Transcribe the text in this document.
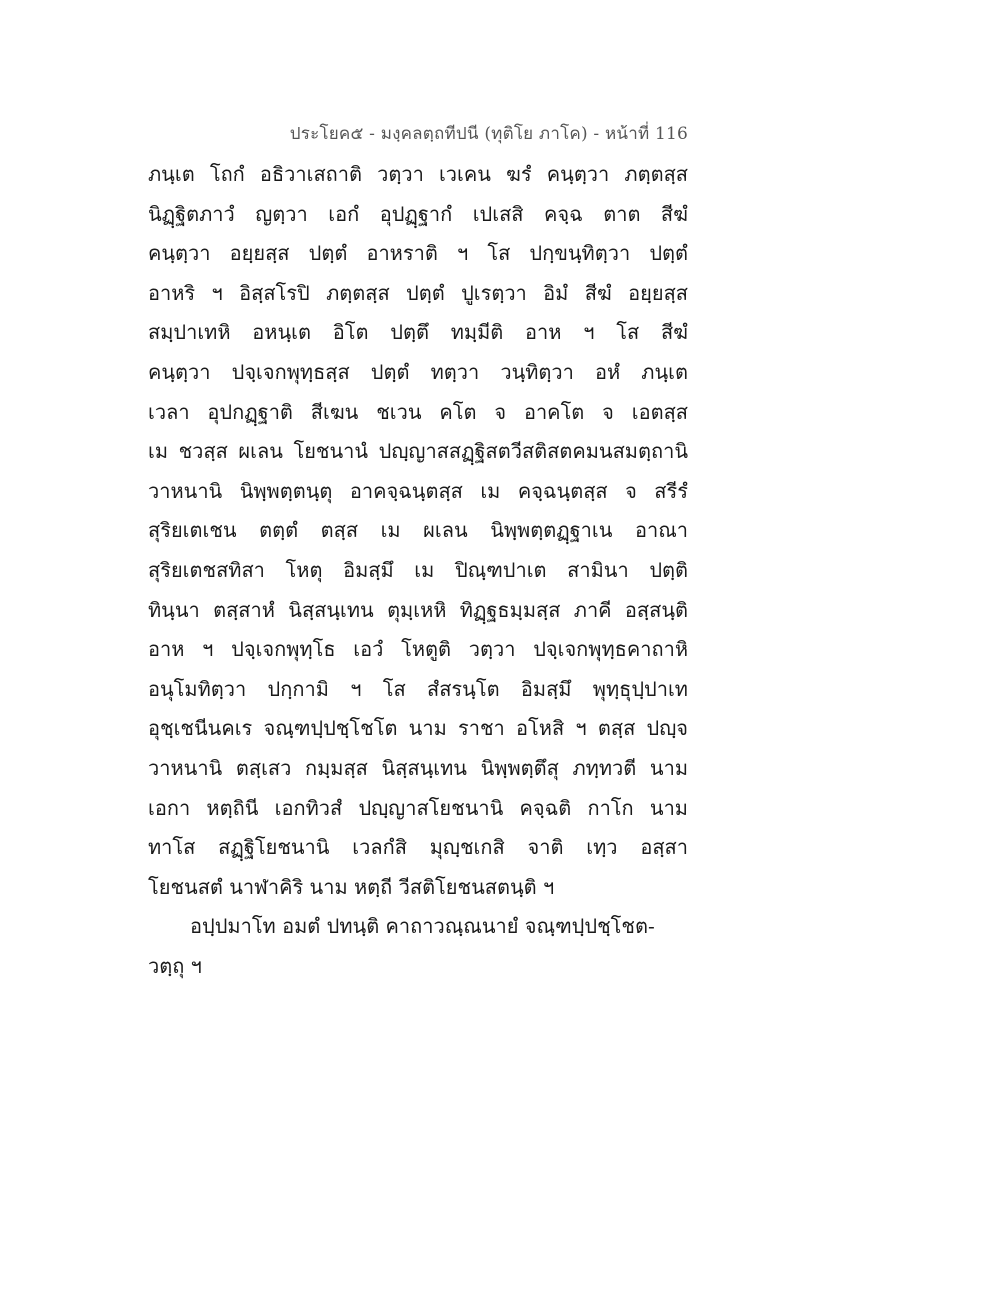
ประโยค๕ - มงฺคลตฺถทีปนี (ทุติโย ภาโค) - หน้าที่ 116
ภนฺเต โถกํ อธิวาเสถาติ วตฺวา เวเคน ฆรํ คนฺตฺวา ภตฺตสฺส
นิฏฺฐิตภาวํ ญตฺวา เอกํ อุปฏฺฐากํ เปเสสิ คจฺฉ ตาต สีฆํ
คนฺตฺวา อยฺยสฺส ปตฺตํ อาหราติ ฯ โส ปกฺขนฺทิตฺวา ปตฺตํ
อาหริ ฯ อิสฺสโรปิ ภตฺตสฺส ปตฺตํ ปูเรตฺวา อิมํ สีฆํ อยฺยสฺส
สมฺปาเทหิ อหนฺเต อิโต ปตฺตึ ทมฺมีติ อาห ฯ โส สีฆํ
คนฺตฺวา ปจฺเจกพุทฺธสฺส ปตฺตํ ทตฺวา วนฺทิตฺวา อหํ ภนฺเต
เวลา อุปกฏฺฐาติ สีเฆน ชเวน คโต จ อาคโต จ เอตสฺส
เม ชวสฺส ผเลน โยชนานํ ปญฺญาสสฏฺฐิสตวีสติสตคมนสมตฺถานิ
วาหนานิ นิพฺพตฺตนฺตุ อาคจฺฉนฺตสฺส เม คจฺฉนฺตสฺส จ สรีรํ
สุริยเตเชน ตตฺตํ ตสฺส เม ผเลน นิพฺพตฺตฏฺฐาเน อาณา
สุริยเตชสทิสา โหตุ อิมสฺมึ เม ปิณฺฑปาเต สามินา ปตฺติ
ทินฺนา ตสฺสาหํ นิสฺสนฺเทน ตุมฺเหหิ ทิฏฺฐธมฺมสฺส ภาคี อสฺสนฺติ
อาห ฯ ปจฺเจกพุทฺโธ เอวํ โหตูติ วตฺวา ปจฺเจกพุทฺธคาถาหิ
อนุโมทิตฺวา ปกฺกามิ ฯ โส สํสรนฺโต อิมสฺมึ พุทฺธุปฺปาเท
อุชฺเชนีนคเร จณฺฑปฺปชฺโชโต นาม ราชา อโหสิ ฯ ตสฺส ปญฺจ
วาหนานิ ตสฺเสว กมฺมสฺส นิสฺสนฺเทน นิพฺพตฺตึสุ ภทฺทวตี นาม
เอกา หตฺถินี เอกทิวสํ ปญฺญาสโยชนานิ คจฺฉติ กาโก นาม
ทาโส สฏฺฐิโยชนานิ เวลกํสิ มุญฺชเกสิ จาติ เทฺว อสฺสา
โยชนสตํ นาฬาคิริ นาม หตฺถี วีสติโยชนสตนฺติ ฯ
อปฺปมาโท อมตํ ปทนฺติ คาถาวณฺณนายํ จณฺฑปฺปชฺโชต-
วตฺถุ ฯ
